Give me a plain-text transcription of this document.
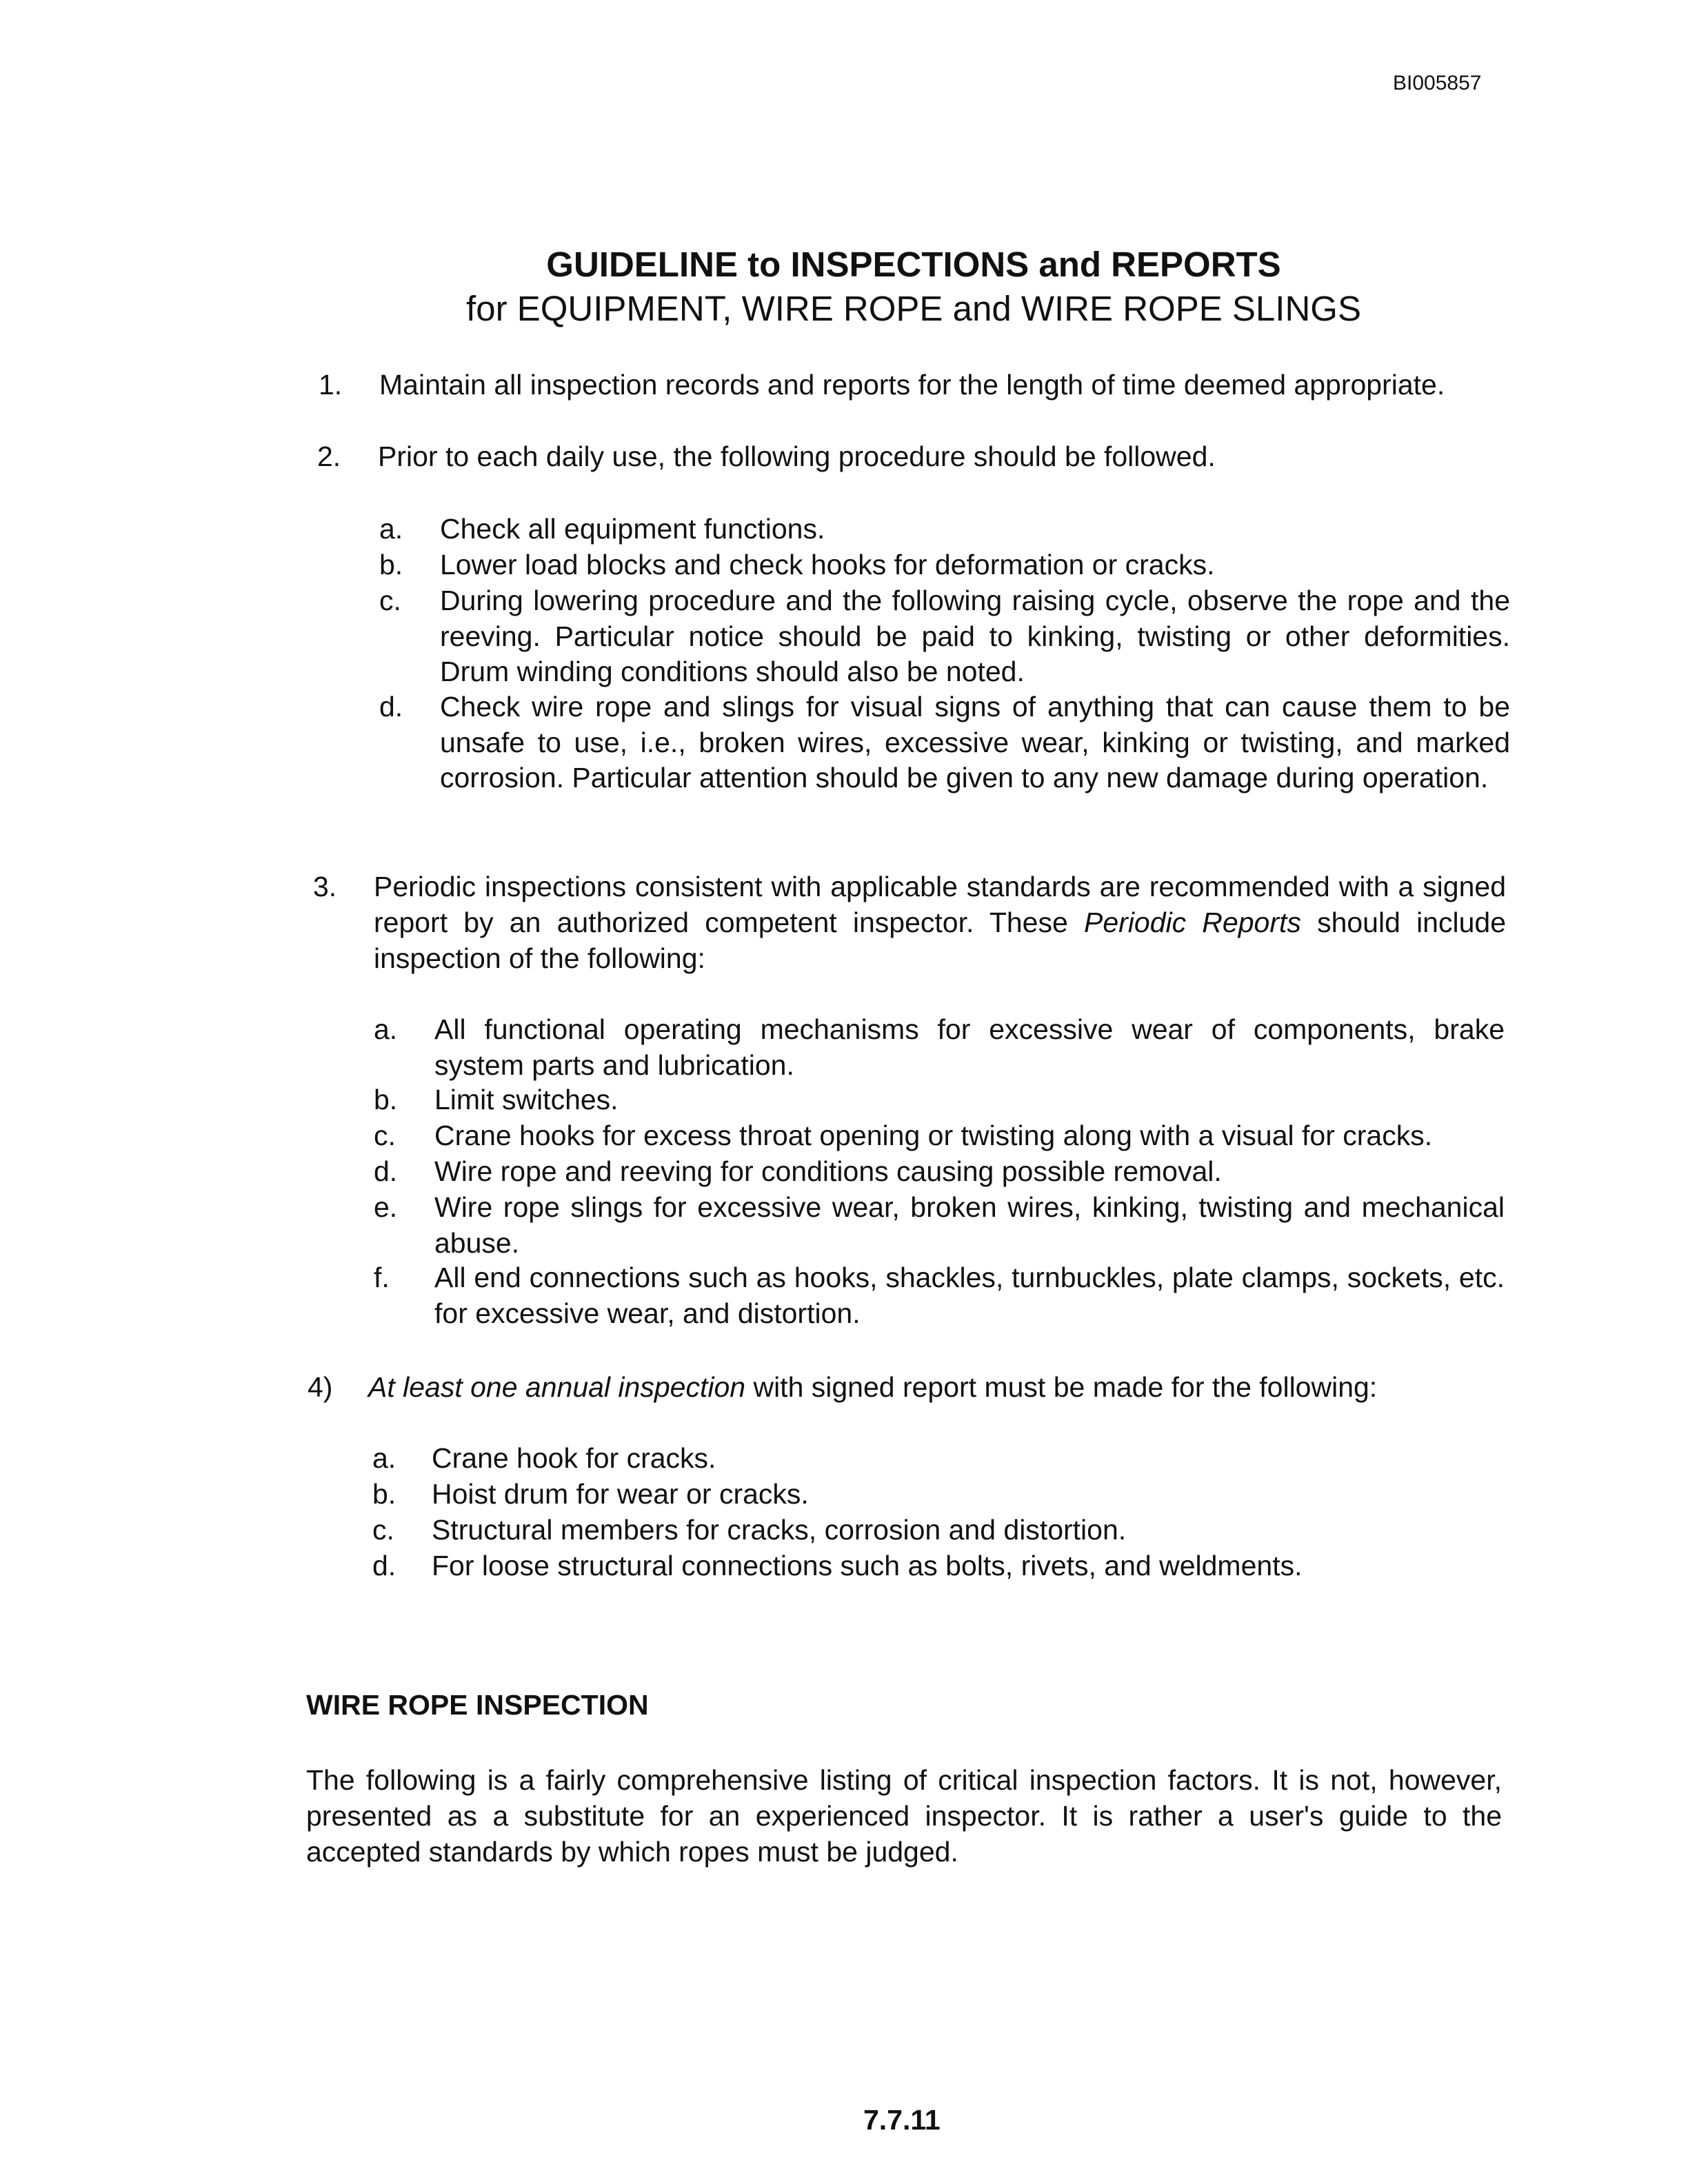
BI005857
GUIDELINE to INSPECTIONS and REPORTS
for EQUIPMENT, WIRE ROPE and WIRE ROPE SLINGS
1. Maintain all inspection records and reports for the length of time deemed appropriate.
2. Prior to each daily use, the following procedure should be followed.
a. Check all equipment functions.
b. Lower load blocks and check hooks for deformation or cracks.
c. During lowering procedure and the following raising cycle, observe the rope and the reeving. Particular notice should be paid to kinking, twisting or other deformities. Drum winding conditions should also be noted.
d. Check wire rope and slings for visual signs of anything that can cause them to be unsafe to use, i.e., broken wires, excessive wear, kinking or twisting, and marked corrosion. Particular attention should be given to any new damage during operation.
3. Periodic inspections consistent with applicable standards are recommended with a signed report by an authorized competent inspector. These Periodic Reports should include inspection of the following:
a. All functional operating mechanisms for excessive wear of components, brake system parts and lubrication.
b. Limit switches.
c. Crane hooks for excess throat opening or twisting along with a visual for cracks.
d. Wire rope and reeving for conditions causing possible removal.
e. Wire rope slings for excessive wear, broken wires, kinking, twisting and mechanical abuse.
f. All end connections such as hooks, shackles, turnbuckles, plate clamps, sockets, etc. for excessive wear, and distortion.
4) At least one annual inspection with signed report must be made for the following:
a. Crane hook for cracks.
b. Hoist drum for wear or cracks.
c. Structural members for cracks, corrosion and distortion.
d. For loose structural connections such as bolts, rivets, and weldments.
WIRE ROPE INSPECTION
The following is a fairly comprehensive listing of critical inspection factors. It is not, however, presented as a substitute for an experienced inspector. It is rather a user's guide to the accepted standards by which ropes must be judged.
7.7.11
